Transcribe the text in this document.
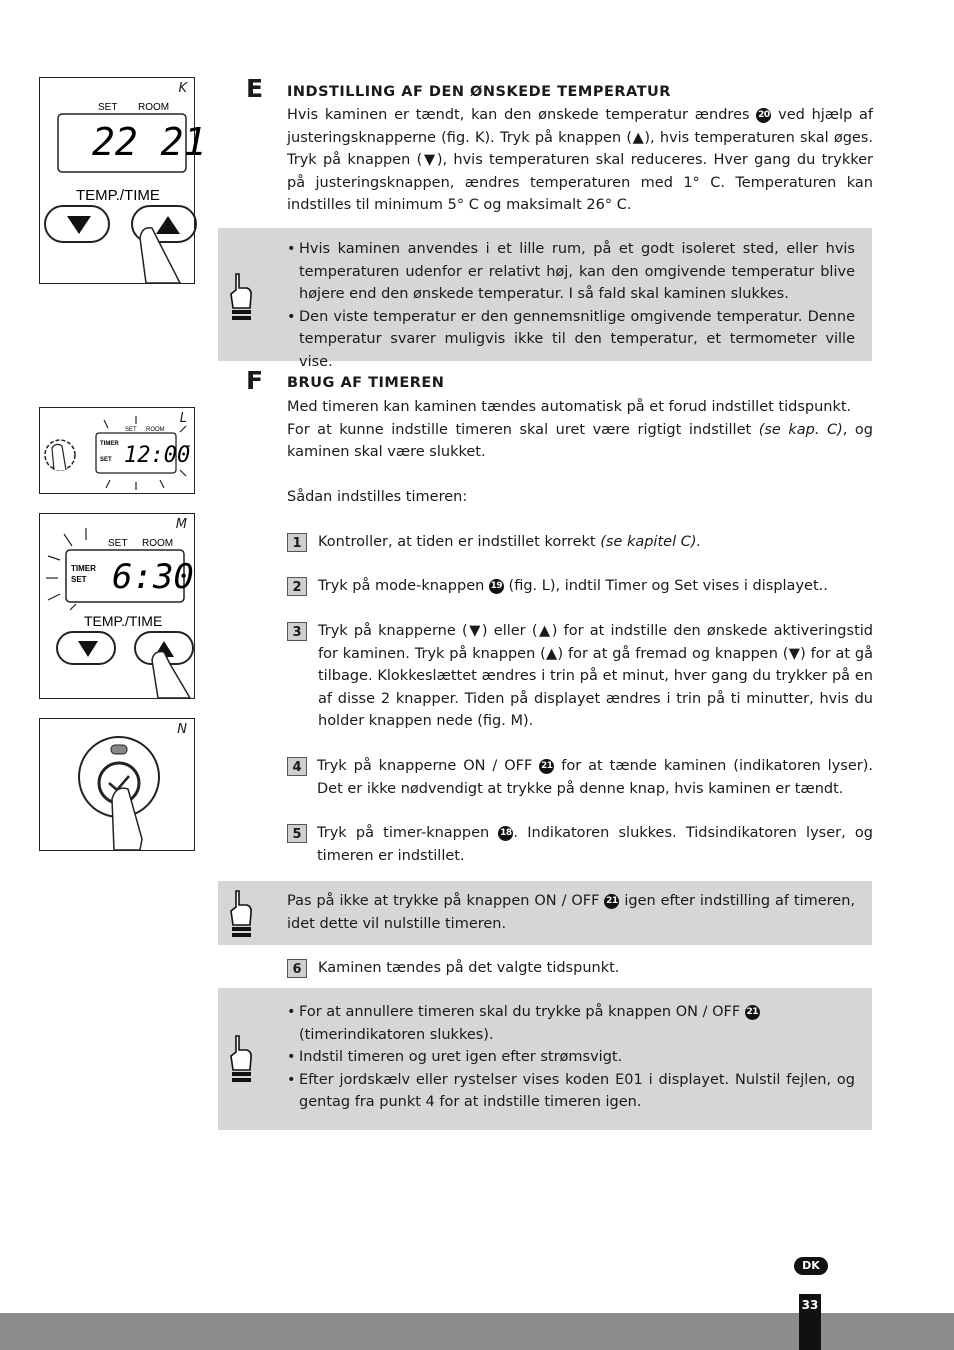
K
SET ROOM
22 21
TEMP./TIME
L
SET ROOM
TIMER
SET 12:00
M
SET ROOM
TIMER
SET 6:30
TEMP./TIME
N
E INDSTILLING AF DEN ØNSKEDE TEMPERATUR
Hvis kaminen er tændt, kan den ønskede temperatur ændres 20 ved hjælp af justeringsknapperne (fig. K). Tryk på knappen (▲), hvis temperaturen skal øges. Tryk på knappen (▼), hvis temperaturen skal reduceres. Hver gang du trykker på justeringsknappen, ændres temperaturen med 1° C. Temperaturen kan indstilles til minimum 5° C og maksimalt 26° C.
• Hvis kaminen anvendes i et lille rum, på et godt isoleret sted, eller hvis temperaturen udenfor er relativt høj, kan den omgivende temperatur blive højere end den ønskede temperatur. I så fald skal kaminen slukkes.
• Den viste temperatur er den gennemsnitlige omgivende temperatur. Denne temperatur svarer muligvis ikke til den temperatur, et termometer ville vise.
F BRUG AF TIMEREN
Med timeren kan kaminen tændes automatisk på et forud indstillet tidspunkt.
For at kunne indstille timeren skal uret være rigtigt indstillet (se kap. C), og kaminen skal være slukket.
Sådan indstilles timeren:
1	Kontroller, at tiden er indstillet korrekt (se kapitel C).
2	Tryk på mode-knappen 19 (fig. L), indtil Timer og Set vises i displayet..
3	Tryk på knapperne (▼) eller (▲) for at indstille den ønskede aktiveringstid for kaminen. Tryk på knappen (▲) for at gå fremad og knappen (▼) for at gå tilbage. Klokkeslættet ændres i trin på et minut, hver gang du trykker på en af disse 2 knapper. Tiden på displayet ændres i trin på ti minutter, hvis du holder knappen nede (fig. M).
4	Tryk på knapperne ON / OFF 21 for at tænde kaminen (indikatoren lyser). Det er ikke nødvendigt at trykke på denne knap, hvis kaminen er tændt.
5	Tryk på timer-knappen 18 . Indikatoren slukkes. Tidsindikatoren lyser, og timeren er indstillet.
Pas på ikke at trykke på knappen ON / OFF 21 igen efter indstilling af timeren, idet dette vil nulstille timeren.
6	Kaminen tændes på det valgte tidspunkt.
• For at annullere timeren skal du trykke på knappen ON / OFF 21
(timerindikatoren slukkes).
• Indstil timeren og uret igen efter strømsvigt.
• Efter jordskælv eller rystelser vises koden E01 i displayet. Nulstil fejlen, og gentag fra punkt 4 for at indstille timeren igen.
DK
33
